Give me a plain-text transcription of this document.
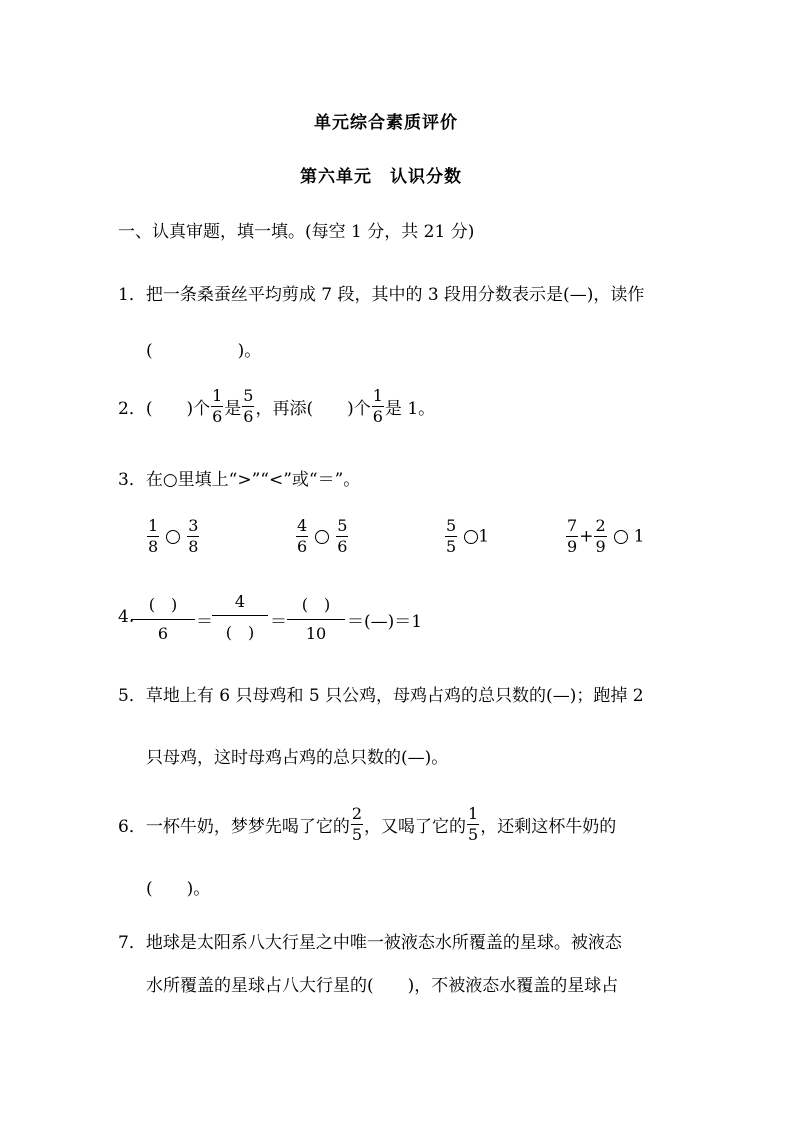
单元综合素质评价
第六单元　认识分数
一、认真审题，填一填。(每空 1 分，共 21 分)
1．把一条桑蚕丝平均剪成 7 段，其中的 3 段用分数表示是(—)，读作
(　　　　　)。
2．(　　)个 $\frac{1}{6}$ 是 $\frac{5}{6}$ ，再添(　　)个 $\frac{1}{6}$ 是 1。
3．在○里填上“>”“<”或“＝”。
$\frac{1}{8} \frac{3}{8}$	$\frac{4}{6} \frac{5}{6}$	$\frac{5}{5} 1$	$\frac{7}{9} + \frac{2}{9} 1$
4.
(　)
6
＝
4
(　)
＝
(　)
10
＝(—)＝1
5．草地上有 6 只母鸡和 5 只公鸡，母鸡占鸡的总只数的(—)；跑掉 2
只母鸡，这时母鸡占鸡的总只数的(—)。
6．一杯牛奶，梦梦先喝了它的 $\frac{2}{5}$ ，又喝了它的 $\frac{1}{5}$ ，还剩这杯牛奶的
(　　)。
7．地球是太阳系八大行星之中唯一被液态水所覆盖的星球。被液态
水所覆盖的星球占八大行星的(　　)，不被液态水覆盖的星球占
